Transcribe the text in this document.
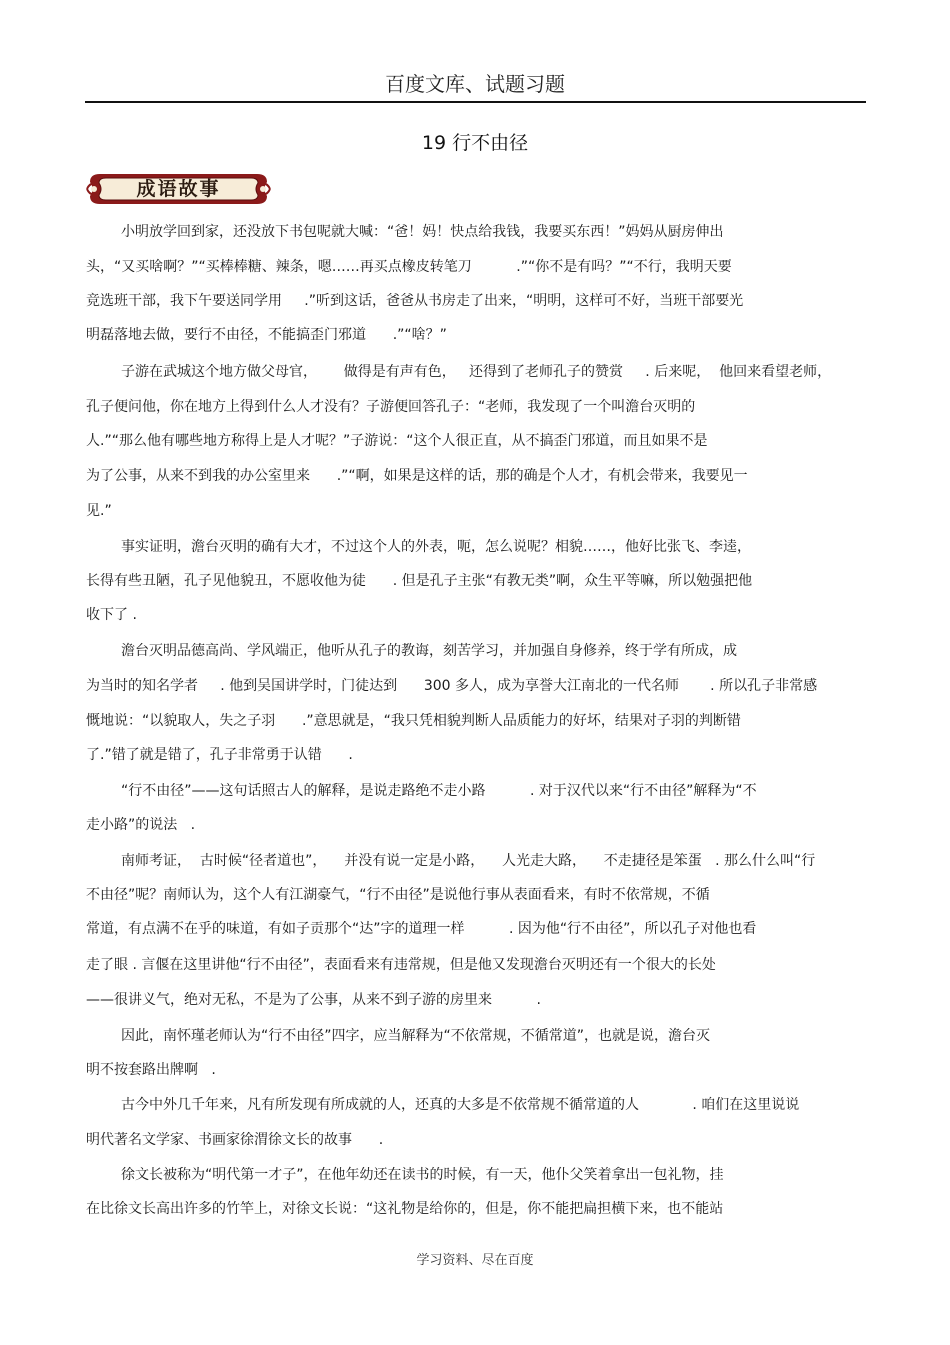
百度文库、试题习题
19 行不由径
成语故事
小明放学回到家，还没放下书包呢就大喊：“爸！妈！快点给我钱，我要买东西！”妈妈从厨房伸出
头，“又买啥啊？”“买棒棒糖、辣条，嗯……再买点橡皮转笔刀          .”“你不是有吗？”“不行，我明天要
竞选班干部，我下午要送同学用     .”听到这话，爸爸从书房走了出来，“明明，这样可不好，当班干部要光
明磊落地去做，要行不由径，不能搞歪门邪道      .”“啥？”
子游在武城这个地方做父母官，      做得是有声有色，   还得到了老师孔子的赞赏     . 后来呢，  他回来看望老师，
孔子便问他，你在地方上得到什么人才没有？子游便回答孔子：“老师，我发现了一个叫澹台灭明的
人.”“那么他有哪些地方称得上是人才呢？”子游说：“这个人很正直，从不搞歪门邪道，而且如果不是
为了公事，从来不到我的办公室里来      .”“啊，如果是这样的话，那的确是个人才，有机会带来，我要见一
见.”
事实证明，澹台灭明的确有大才，不过这个人的外表，呃，怎么说呢？相貌……，他好比张飞、李逵，
长得有些丑陋，孔子见他貌丑，不愿收他为徒      . 但是孔子主张“有教无类”啊，众生平等嘛，所以勉强把他
收下了 .
澹台灭明品德高尚、学风端正，他听从孔子的教诲，刻苦学习，并加强自身修养，终于学有所成，成
为当时的知名学者     . 他到吴国讲学时，门徒达到      300 多人，成为享誉大江南北的一代名师       . 所以孔子非常感
慨地说：“以貌取人，失之子羽      .”意思就是，“我只凭相貌判断人品质能力的好坏，结果对子羽的判断错
了.”错了就是错了，孔子非常勇于认错      .
“行不由径”——这句话照古人的解释，是说走路绝不走小路          . 对于汉代以来“行不由径”解释为“不
走小路”的说法   .
南师考证，  古时候“径者道也”，    并没有说一定是小路，    人光走大路，    不走捷径是笨蛋   . 那么什么叫“行
不由径”呢？南师认为，这个人有江湖豪气，“行不由径”是说他行事从表面看来，有时不依常规，不循
常道，有点满不在乎的味道，有如子贡那个“达”字的道理一样          . 因为他“行不由径”，所以孔子对他也看
走了眼 . 言偃在这里讲他“行不由径”，表面看来有违常规，但是他又发现澹台灭明还有一个很大的长处
——很讲义气，绝对无私，不是为了公事，从来不到子游的房里来          .
因此，南怀瑾老师认为“行不由径”四字，应当解释为“不依常规，不循常道”，也就是说，澹台灭
明不按套路出牌啊   .
古今中外几千年来，凡有所发现有所成就的人，还真的大多是不依常规不循常道的人            . 咱们在这里说说
明代著名文学家、书画家徐渭徐文长的故事      .
徐文长被称为“明代第一才子”，在他年幼还在读书的时候，有一天，他仆父笑着拿出一包礼物，挂
在比徐文长高出许多的竹竿上，对徐文长说：“这礼物是给你的，但是，你不能把扁担横下来，也不能站
学习资料、尽在百度
